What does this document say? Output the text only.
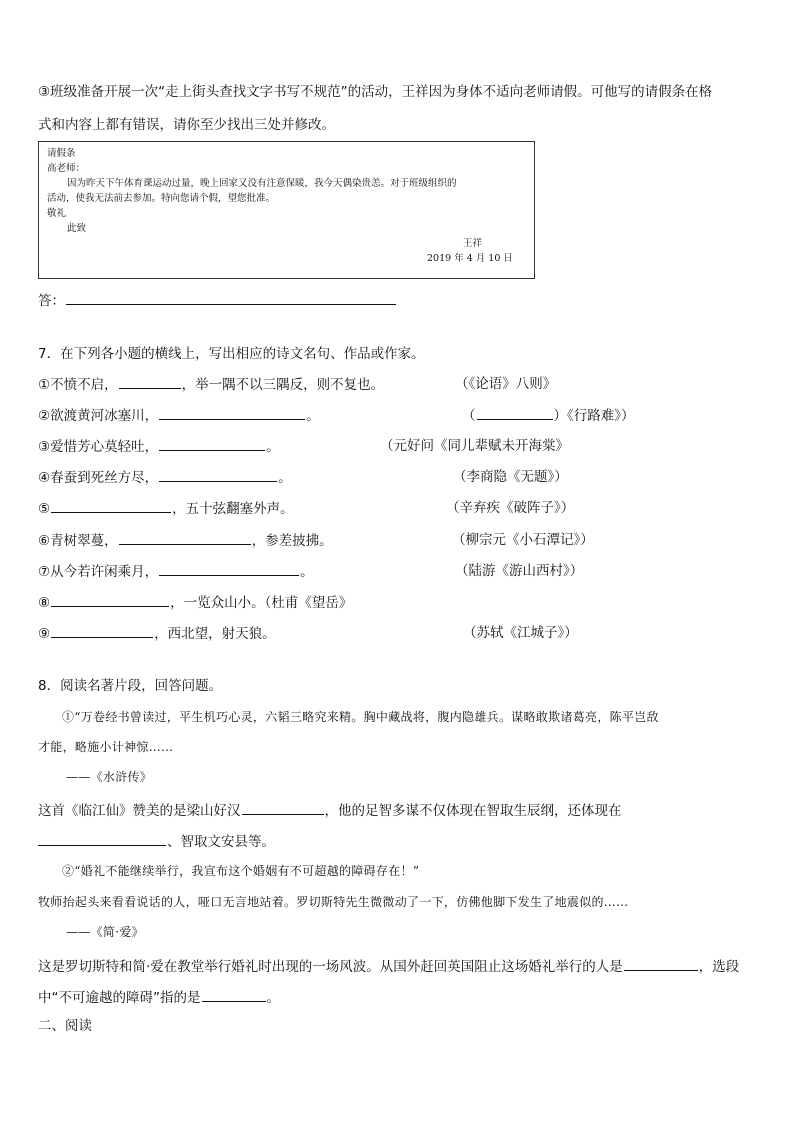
③班级准备开展一次“走上街头查找文字书写不规范”的活动，王祥因为身体不适向老师请假。可他写的请假条在格
式和内容上都有错误，请你至少找出三处并修改。
请假条
高老师：
因为昨天下午体育课运动过量，晚上回家又没有注意保暖，我今天偶染贵恙。对于班级组织的
活动，使我无法前去参加。特向您请个假，望您批准。
敬礼
此致
王祥
2019 年 4 月 10 日
答：
7．在下列各小题的横线上，写出相应的诗文名句、作品或作家。
①不愤不启，	，举一隅不以三隅反，则不复也。	（《论语》八则》
②欲渡黄河冰塞川，	。	（	）《行路难》）
③爱惜芳心莫轻吐，	。	（元好问《同儿辈赋未开海棠》
④春蚕到死丝方尽，	。	（李商隐《无题》）
⑤	，五十弦翻塞外声。	（辛弃疾《破阵子》）
⑥青树翠蔓，	，参差披拂。	（柳宗元《小石潭记》）
⑦从今若许闲乘月，	。	（陆游《游山西村》）
⑧	，一览众山小。（杜甫《望岳》
⑨	，西北望，射天狼。	（苏轼《江城子》）
8．阅读名著片段，回答问题。
①“万卷经书曾读过，平生机巧心灵，六韬三略究来精。胸中藏战将，腹内隐雄兵。谋略敢欺诸葛亮，陈平岂敌
才能，略施小计神惊……
——《水浒传》
这首《临江仙》赞美的是梁山好汉	，他的足智多谋不仅体现在智取生辰纲，还体现在
、智取文安县等。
②“婚礼不能继续举行，我宣布这个婚姻有不可超越的障碍存在！”
牧师抬起头来看看说话的人，哑口无言地站着。罗切斯特先生微微动了一下，仿佛他脚下发生了地震似的……
——《简·爱》
这是罗切斯特和简·爱在教堂举行婚礼时出现的一场风波。从国外赶回英国阻止这场婚礼举行的人是	，选段
中“不可逾越的障碍”指的是	。
二、阅读
